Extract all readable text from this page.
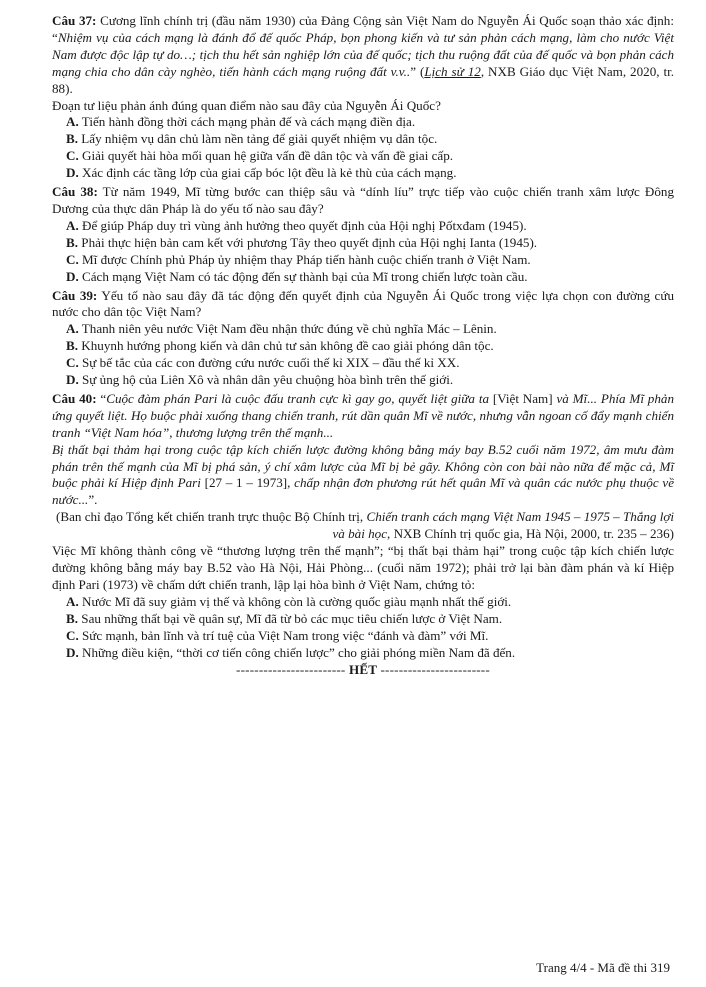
Câu 37: Cương lĩnh chính trị (đầu năm 1930) của Đảng Cộng sản Việt Nam do Nguyễn Ái Quốc soạn thảo xác định: “Nhiệm vụ của cách mạng là đánh đổ đế quốc Pháp, bọn phong kiến và tư sản phản cách mạng, làm cho nước Việt Nam được độc lập tự do…; tịch thu hết sản nghiệp lớn của đế quốc; tịch thu ruộng đất của đế quốc và bọn phản cách mạng chia cho dân cày nghèo, tiến hành cách mạng ruộng đất v.v..” (Lịch sử 12, NXB Giáo dục Việt Nam, 2020, tr. 88).

Đoạn tư liệu phản ánh đúng quan điểm nào sau đây của Nguyễn Ái Quốc?

A. Tiến hành đồng thời cách mạng phản đế và cách mạng điền địa.

B. Lấy nhiệm vụ dân chủ làm nền tảng để giải quyết nhiệm vụ dân tộc.

C. Giải quyết hài hòa mối quan hệ giữa vấn đề dân tộc và vấn đề giai cấp.

D. Xác định các tầng lớp của giai cấp bóc lột đều là kẻ thù của cách mạng.

Câu 38: Từ năm 1949, Mĩ từng bước can thiệp sâu và “dính líu” trực tiếp vào cuộc chiến tranh xâm lược Đông Dương của thực dân Pháp là do yếu tố nào sau đây?

A. Để giúp Pháp duy trì vùng ảnh hưởng theo quyết định của Hội nghị Pốtxđam (1945).

B. Phải thực hiện bản cam kết với phương Tây theo quyết định của Hội nghị Ianta (1945).

C. Mĩ được Chính phủ Pháp ủy nhiệm thay Pháp tiến hành cuộc chiến tranh ở Việt Nam.

D. Cách mạng Việt Nam có tác động đến sự thành bại của Mĩ trong chiến lược toàn cầu.

Câu 39: Yếu tố nào sau đây đã tác động đến quyết định của Nguyễn Ái Quốc trong việc lựa chọn con đường cứu nước cho dân tộc Việt Nam?

A. Thanh niên yêu nước Việt Nam đều nhận thức đúng về chủ nghĩa Mác – Lênin.

B. Khuynh hướng phong kiến và dân chủ tư sản không đề cao giải phóng dân tộc.

C. Sự bế tắc của các con đường cứu nước cuối thế kỉ XIX – đầu thế kỉ XX.

D. Sự ủng hộ của Liên Xô và nhân dân yêu chuộng hòa bình trên thế giới.

Câu 40: “Cuộc đàm phán Pari là cuộc đấu tranh cực kì gay go, quyết liệt giữa ta [Việt Nam] và Mĩ... Phía Mĩ phản ứng quyết liệt. Họ buộc phải xuống thang chiến tranh, rút dần quân Mĩ về nước, nhưng vẫn ngoan cố đẩy mạnh chiến tranh “Việt Nam hóa”, thương lượng trên thế mạnh...

Bị thất bại thảm hại trong cuộc tập kích chiến lược đường không bằng máy bay B.52 cuối năm 1972, âm mưu đàm phán trên thế mạnh của Mĩ bị phá sản, ý chí xâm lược của Mĩ bị bẻ gãy. Không còn con bài nào nữa để mặc cả, Mĩ buộc phải kí Hiệp định Pari [27 – 1 – 1973], chấp nhận đơn phương rút hết quân Mĩ và quân các nước phụ thuộc về nước...”.

(Ban chỉ đạo Tổng kết chiến tranh trực thuộc Bộ Chính trị, Chiến tranh cách mạng Việt Nam 1945 – 1975 – Thắng lợi và bài học, NXB Chính trị quốc gia, Hà Nội, 2000, tr. 235 – 236)

Việc Mĩ không thành công về “thương lượng trên thế mạnh”; “bị thất bại thảm hại” trong cuộc tập kích chiến lược đường không bằng máy bay B.52 vào Hà Nội, Hải Phòng... (cuối năm 1972); phải trở lại bàn đàm phán và kí Hiệp định Pari (1973) về chấm dứt chiến tranh, lập lại hòa bình ở Việt Nam, chứng tỏ:

A. Nước Mĩ đã suy giảm vị thế và không còn là cường quốc giàu mạnh nhất thế giới.

B. Sau những thất bại về quân sự, Mĩ đã từ bỏ các mục tiêu chiến lược ở Việt Nam.

C. Sức mạnh, bản lĩnh và trí tuệ của Việt Nam trong việc “đánh và đàm” với Mĩ.

D. Những điều kiện, “thời cơ tiến công chiến lược” cho giải phóng miền Nam đã đến.

------------------------ HẾT ------------------------

Trang 4/4 - Mã đề thi 319
